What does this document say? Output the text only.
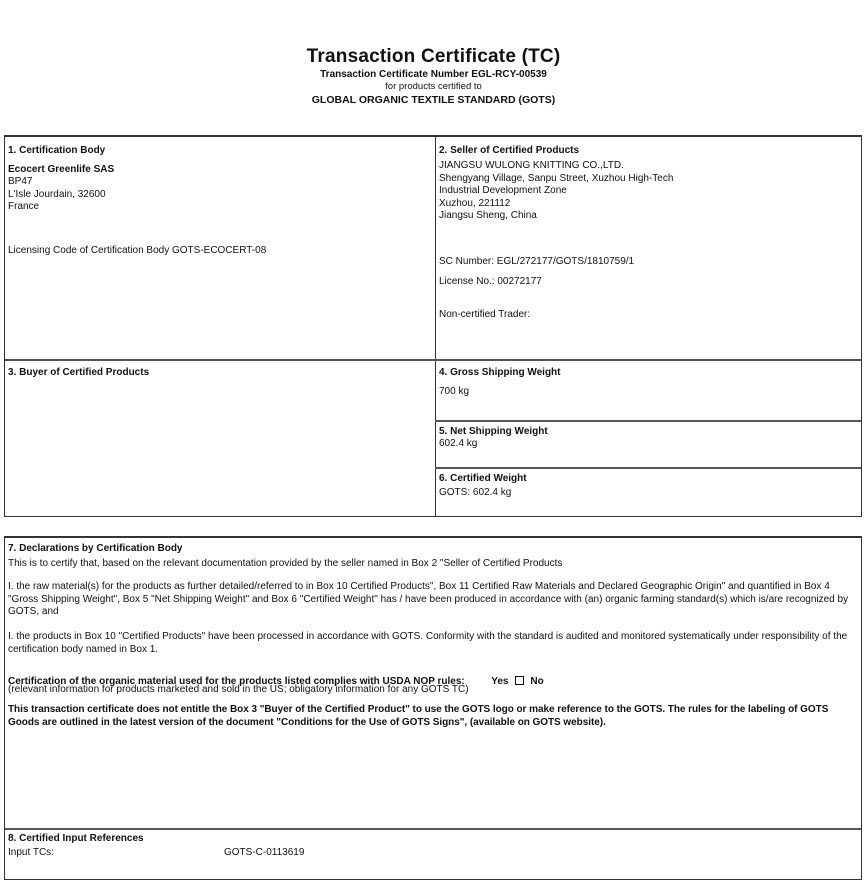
Transaction Certificate (TC)
Transaction Certificate Number EGL-RCY-00539
for products certified to
GLOBAL ORGANIC TEXTILE STANDARD (GOTS)
1. Certification Body
Ecocert Greenlife SAS
BP47
L'Isle Jourdain, 32600
France
Licensing Code of Certification Body GOTS-ECOCERT-08
2. Seller of Certified Products
JIANGSU WULONG KNITTING CO.,LTD.
Shengyang Village, Sanpu Street, Xuzhou High-Tech
Industrial Development Zone
Xuzhou, 221112
Jiangsu Sheng, China
SC Number: EGL/272177/GOTS/1810759/1
License No.: 00272177
Non-certified Trader:
3. Buyer of Certified Products	4. Gross Shipping Weight
700 kg
5. Net Shipping Weight
602.4 kg
6. Certified Weight
GOTS: 602.4 kg
7. Declarations by Certification Body
This is to certify that, based on the relevant documentation provided by the seller named in Box 2 "Seller of Certified Products
I. the raw material(s) for the products as further detailed/referred to in Box 10 Certified Products", Box 11 Certified Raw Materials and Declared Geographic Origin" and quantified in Box 4 "Gross Shipping Weight", Box 5 "Net Shipping Weight" and Box 6 "Certified Weight" has / have been produced in accordance with (an) organic farming standard(s) which is/are recognized by GOTS, and
I. the products in Box 10 "Certified Products" have been processed in accordance with GOTS. Conformity with the standard is audited and monitored systematically under responsibility of the certification body named in Box 1.
Certification of the organic material used for the products listed complies with USDA NOP rules:	Yes No
(relevant information for products marketed and sold in the US; obligatory information for any GOTS TC)
This transaction certificate does not entitle the Box 3 "Buyer of the Certified Product" to use the GOTS logo or make reference to the GOTS. The rules for the labeling of GOTS Goods are outlined in the latest version of the document "Conditions for the Use of GOTS Signs", (available on GOTS website).
8. Certified Input References
Input TCs:	GOTS-C-0113619
